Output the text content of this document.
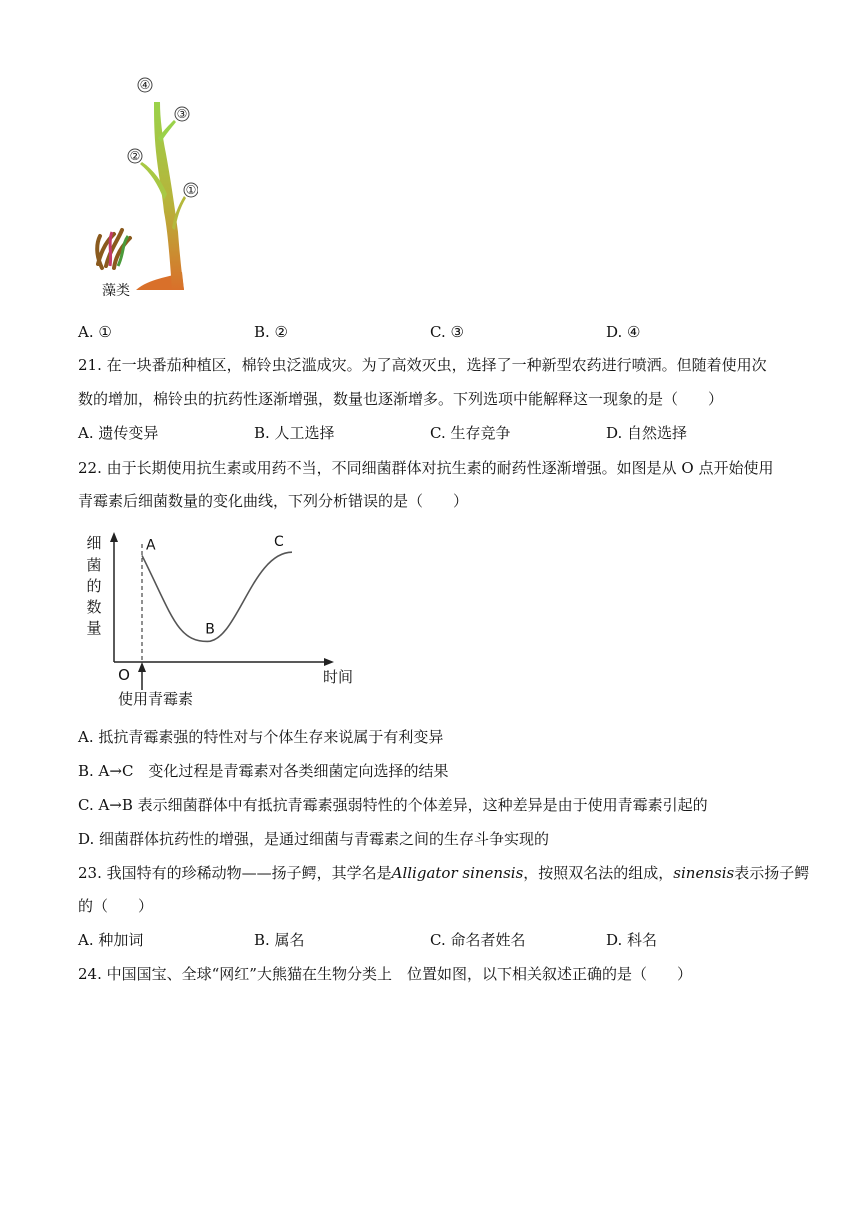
④
③
②
①
藻类
A. ①	B. ②	C. ③	D. ④
21. 在一块番茄种植区，棉铃虫泛滥成灾。为了高效灭虫，选择了一种新型农药进行喷洒。但随着使用次
数的增加，棉铃虫的抗药性逐渐增强，数量也逐渐增多。下列选项中能解释这一现象的是（　　）
A. 遗传变异	B. 人工选择	C. 生存竞争	D. 自然选择
22. 由于长期使用抗生素或用药不当，不同细菌群体对抗生素的耐药性逐渐增强。如图是从 O 点开始使用
青霉素后细菌数量的变化曲线，下列分析错误的是（　　）
细
菌
的
数
量
O	时间
使用青霉素
A
B
C
A. 抵抗青霉素强的特性对与个体生存来说属于有利变异
B. A→C　变化过程是青霉素对各类细菌定向选择的结果
C. A→B 表示细菌群体中有抵抗青霉素强弱特性的个体差异，这种差异是由于使用青霉素引起的
D. 细菌群体抗药性的增强，是通过细菌与青霉素之间的生存斗争实现的
23. 我国特有的珍稀动物——扬子鳄，其学名是Alligator sinensis，按照双名法的组成，sinensis表示扬子鳄
的（　　）
A. 种加词	B. 属名	C. 命名者姓名	D. 科名
24. 中国国宝、全球“网红”大熊猫在生物分类上　位置如图，以下相关叙述正确的是（　　）
